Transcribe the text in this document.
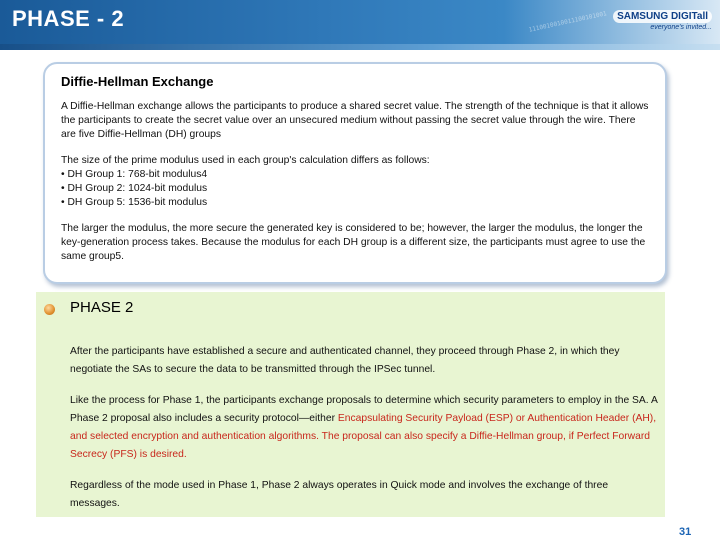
PHASE - 2	1110010010011100101001 SAMSUNG DIGITall
everyone's invited...
Diffie-Hellman Exchange

A Diffie-Hellman exchange allows the participants to produce a shared secret value. The strength of the technique is that it allows the participants to create the secret value over an unsecured medium without passing the secret value through the wire. There are five Diffie-Hellman (DH) groups

The size of the prime modulus used in each group's calculation differs as follows:
• DH Group 1: 768-bit modulus4
• DH Group 2: 1024-bit modulus
• DH Group 5: 1536-bit modulus

The larger the modulus, the more secure the generated key is considered to be; however, the larger the modulus, the longer the key-generation process takes. Because the modulus for each DH group is a different size, the participants must agree to use the same group5.

PHASE 2

After the participants have established a secure and authenticated channel, they proceed through Phase 2, in which they negotiate the SAs to secure the data to be transmitted through the IPSec tunnel.

Like the process for Phase 1, the participants exchange proposals to determine which security parameters to employ in the SA. A Phase 2 proposal also includes a security protocol—either Encapsulating Security Payload (ESP) or Authentication Header (AH), and selected encryption and authentication algorithms. The proposal can also specify a Diffie-Hellman group, if Perfect Forward Secrecy (PFS) is desired.

Regardless of the mode used in Phase 1, Phase 2 always operates in Quick mode and involves the exchange of three messages.

31
